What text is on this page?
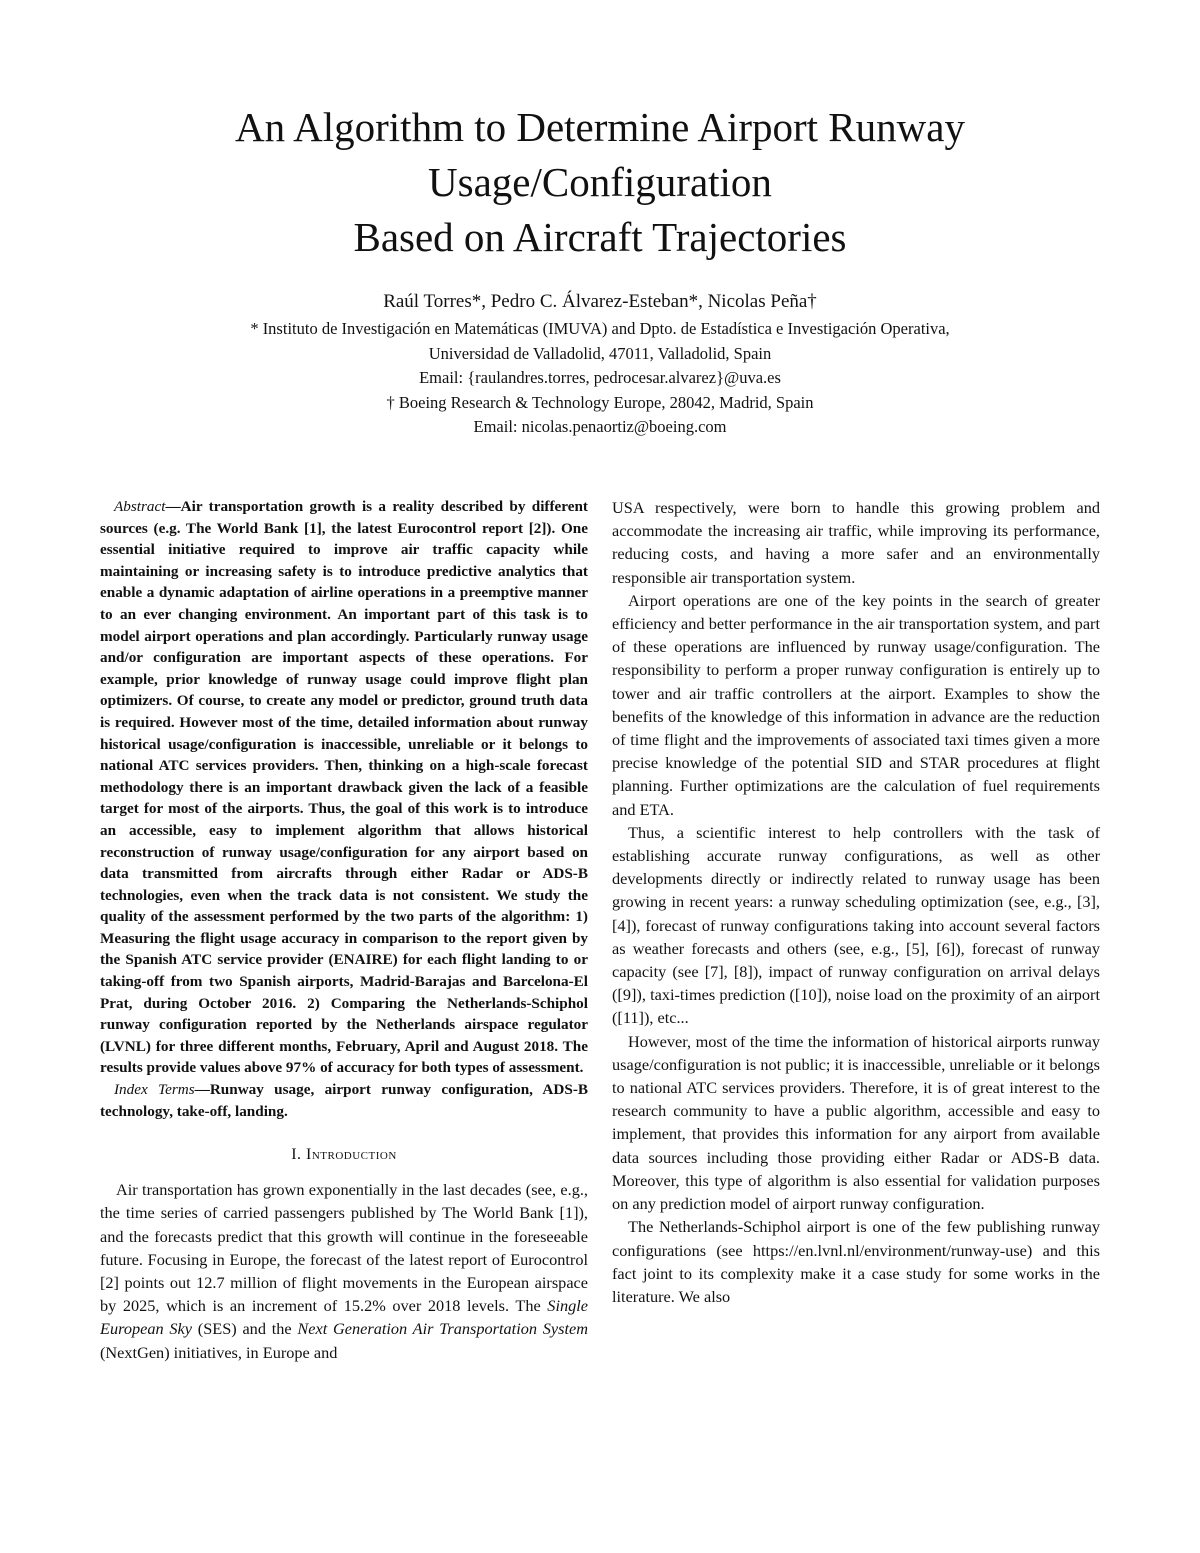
An Algorithm to Determine Airport Runway
Usage/Configuration
Based on Aircraft Trajectories

Raúl Torres*, Pedro C. Álvarez-Esteban*, Nicolas Peña†

* Instituto de Investigación en Matemáticas (IMUVA) and Dpto. de Estadística e Investigación Operativa,
Universidad de Valladolid, 47011, Valladolid, Spain
Email: {raulandres.torres, pedrocesar.alvarez}@uva.es
† Boeing Research & Technology Europe, 28042, Madrid, Spain
Email: nicolas.penaortiz@boeing.com

Abstract—Air transportation growth is a reality described by different sources (e.g. The World Bank [1], the latest Eurocontrol report [2]). One essential initiative required to improve air traffic capacity while maintaining or increasing safety is to introduce predictive analytics that enable a dynamic adaptation of airline operations in a preemptive manner to an ever changing environment. An important part of this task is to model airport operations and plan accordingly. Particularly runway usage and/or configuration are important aspects of these operations. For example, prior knowledge of runway usage could improve flight plan optimizers. Of course, to create any model or predictor, ground truth data is required. However most of the time, detailed information about runway historical usage/configuration is inaccessible, unreliable or it belongs to national ATC services providers. Then, thinking on a high-scale forecast methodology there is an important drawback given the lack of a feasible target for most of the airports. Thus, the goal of this work is to introduce an accessible, easy to implement algorithm that allows historical reconstruction of runway usage/configuration for any airport based on data transmitted from aircrafts through either Radar or ADS-B technologies, even when the track data is not consistent. We study the quality of the assessment performed by the two parts of the algorithm: 1) Measuring the flight usage accuracy in comparison to the report given by the Spanish ATC service provider (ENAIRE) for each flight landing to or taking-off from two Spanish airports, Madrid-Barajas and Barcelona-El Prat, during October 2016. 2) Comparing the Netherlands-Schiphol runway configuration reported by the Netherlands airspace regulator (LVNL) for three different months, February, April and August 2018. The results provide values above 97% of accuracy for both types of assessment.

Index Terms—Runway usage, airport runway configuration, ADS-B technology, take-off, landing.

I. Introduction

Air transportation has grown exponentially in the last decades (see, e.g., the time series of carried passengers published by The World Bank [1]), and the forecasts predict that this growth will continue in the foreseeable future. Focusing in Europe, the forecast of the latest report of Eurocontrol [2] points out 12.7 million of flight movements in the European airspace by 2025, which is an increment of 15.2% over 2018 levels. The Single European Sky (SES) and the Next Generation Air Transportation System (NextGen) initiatives, in Europe and

USA respectively, were born to handle this growing problem and accommodate the increasing air traffic, while improving its performance, reducing costs, and having a more safer and an environmentally responsible air transportation system.

Airport operations are one of the key points in the search of greater efficiency and better performance in the air transportation system, and part of these operations are influenced by runway usage/configuration. The responsibility to perform a proper runway configuration is entirely up to tower and air traffic controllers at the airport. Examples to show the benefits of the knowledge of this information in advance are the reduction of time flight and the improvements of associated taxi times given a more precise knowledge of the potential SID and STAR procedures at flight planning. Further optimizations are the calculation of fuel requirements and ETA.

Thus, a scientific interest to help controllers with the task of establishing accurate runway configurations, as well as other developments directly or indirectly related to runway usage has been growing in recent years: a runway scheduling optimization (see, e.g., [3], [4]), forecast of runway configurations taking into account several factors as weather forecasts and others (see, e.g., [5], [6]), forecast of runway capacity (see [7], [8]), impact of runway configuration on arrival delays ([9]), taxi-times prediction ([10]), noise load on the proximity of an airport ([11]), etc...

However, most of the time the information of historical airports runway usage/configuration is not public; it is inaccessible, unreliable or it belongs to national ATC services providers. Therefore, it is of great interest to the research community to have a public algorithm, accessible and easy to implement, that provides this information for any airport from available data sources including those providing either Radar or ADS-B data. Moreover, this type of algorithm is also essential for validation purposes on any prediction model of airport runway configuration.

The Netherlands-Schiphol airport is one of the few publishing runway configurations (see https://en.lvnl.nl/environment/runway-use) and this fact joint to its complexity make it a case study for some works in the literature. We also
